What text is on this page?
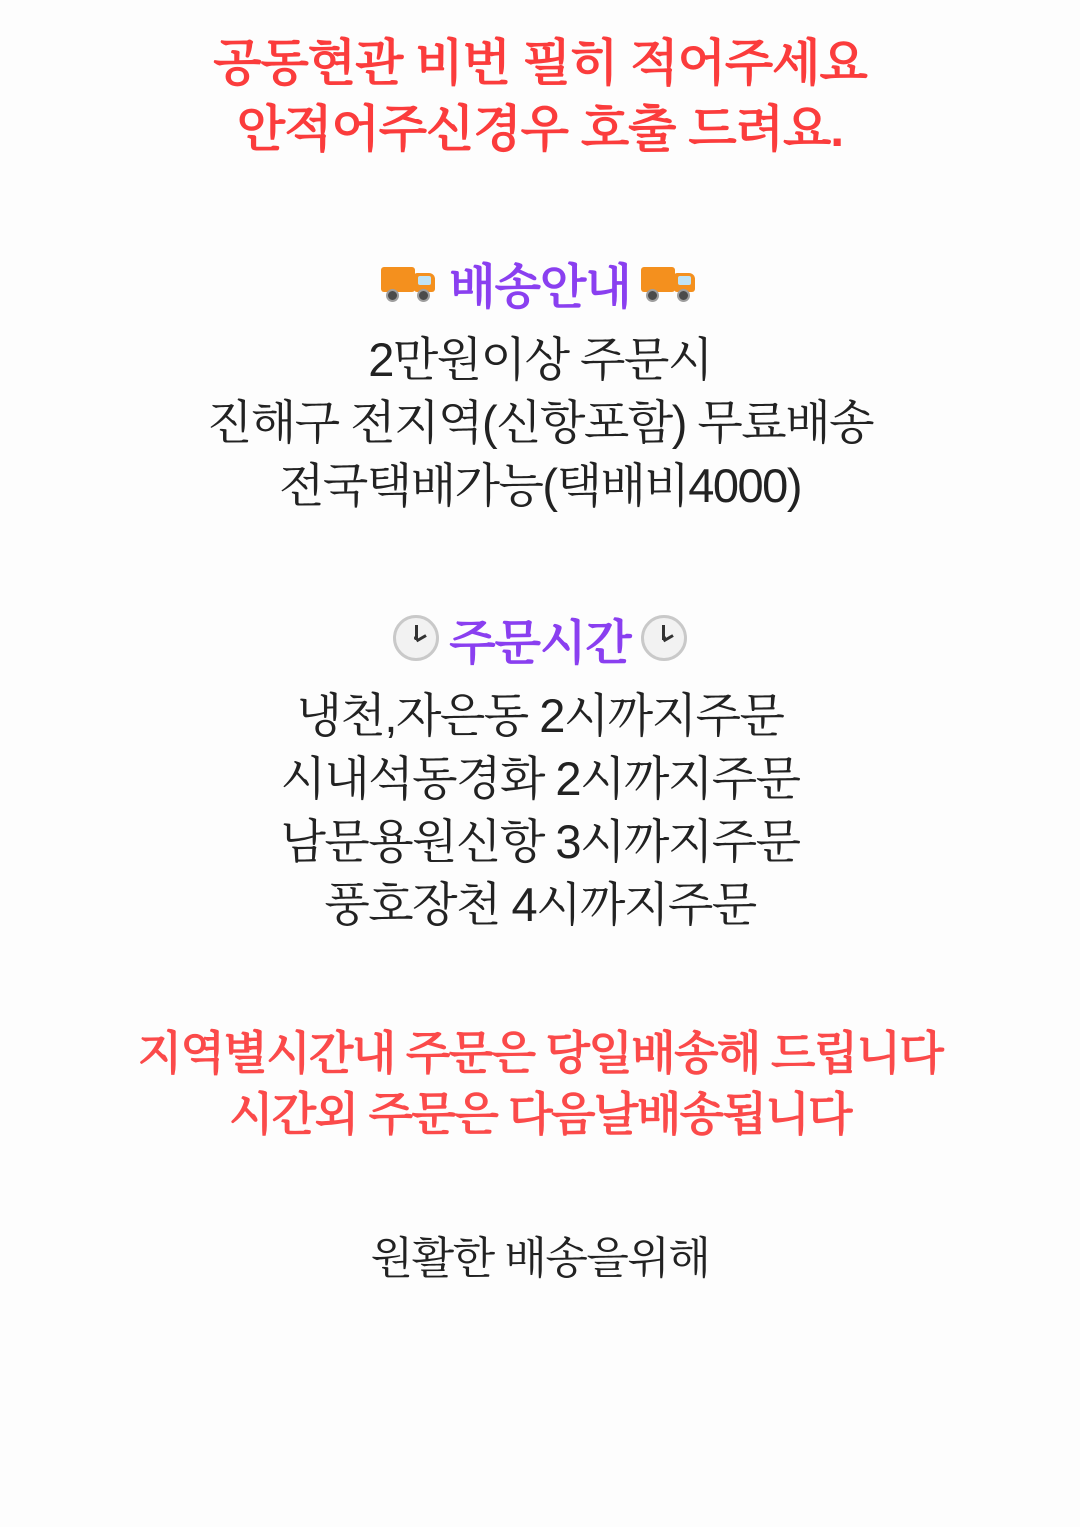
공동현관 비번 필히 적어주세요
안적어주신경우 호출 드려요.
배송안내
2만원이상 주문시
진해구 전지역(신항포함) 무료배송
전국택배가능(택배비4000)
주문시간
냉천,자은동 2시까지주문
시내석동경화 2시까지주문
남문용원신항 3시까지주문
풍호장천 4시까지주문
지역별시간내 주문은 당일배송해 드립니다
시간외 주문은 다음날배송됩니다
원활한 배송을위해
